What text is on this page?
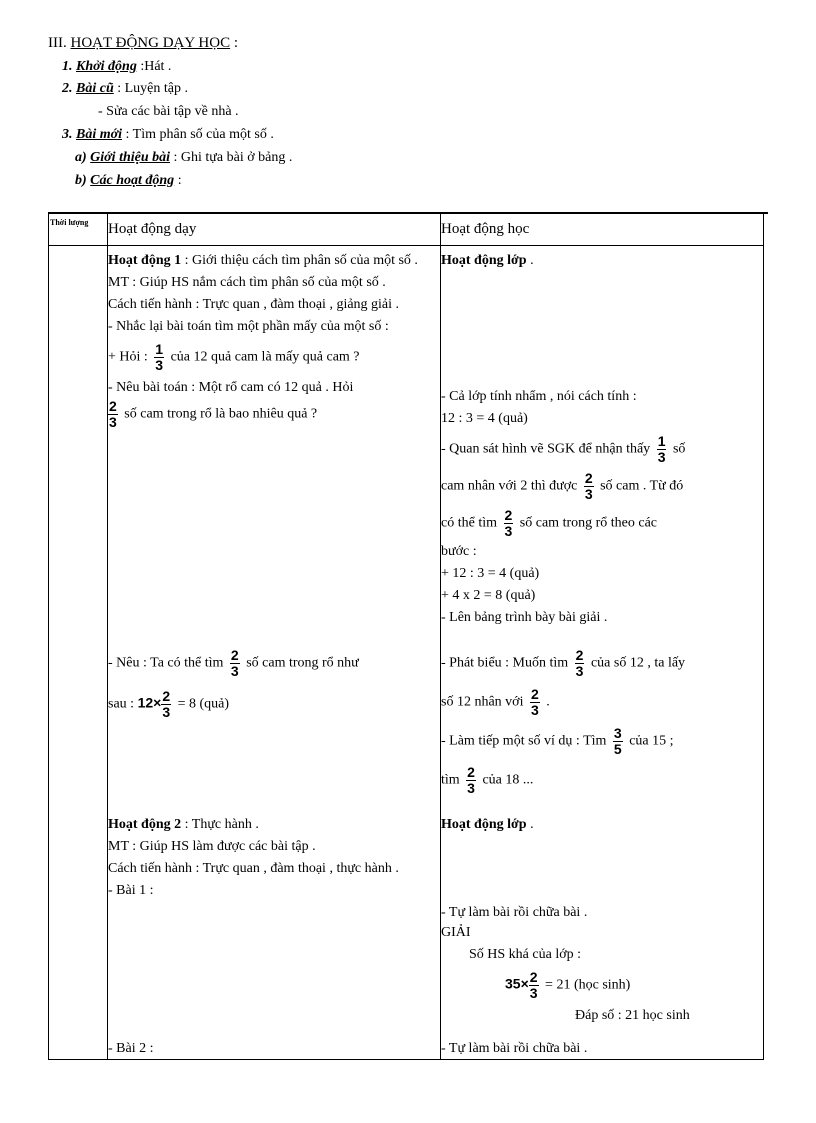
III. HOẠT ĐỘNG DẠY HỌC :
1. Khởi động :Hát .
2. Bài cũ : Luyện tập .
- Sửa các bài tập về nhà .
3. Bài mới : Tìm phân số của một số .
a) Giới thiệu bài : Ghi tựa bài ở bảng .
b) Các hoạt động :
Thời lượng	Hoạt động dạy	Hoạt động học
Hoạt động 1 : Giới thiệu cách tìm phân số của một số .
MT : Giúp HS nắm cách tìm phân số của một số .
Cách tiến hành : Trực quan , đàm thoại , giảng giải .
- Nhắc lại bài toán tìm một phần mấy của một số :
+ Hỏi : $\frac{1}{3}$ của 12 quả cam là mấy quả cam ?
- Nêu bài toán : Một rổ cam có 12 quả . Hỏi
$\frac{2}{3}$ số cam trong rổ là bao nhiêu quả ?
- Nêu : Ta có thể tìm $\frac{2}{3}$ số cam trong rổ như
sau : $12\times \frac{2}{3} = 8$ (quả)
Hoạt động 2 : Thực hành .
MT : Giúp HS làm được các bài tập .
Cách tiến hành : Trực quan , đàm thoại , thực hành .
- Bài 1 :
- Bài 2 :
Hoạt động lớp .
- Cả lớp tính nhẩm , nói cách tính :
12 : 3 = 4 (quả)
- Quan sát hình vẽ SGK để nhận thấy $\frac{1}{3}$ số
cam nhân với 2 thì được $\frac{2}{3}$ số cam . Từ đó
có thể tìm $\frac{2}{3}$ số cam trong rổ theo các
bước :
+ 12 : 3 = 4 (quả)
+ 4 x 2 = 8 (quả)
- Lên bảng trình bày bài giải .
- Phát biểu : Muốn tìm $\frac{2}{3}$ của số 12 , ta lấy
số 12 nhân với $\frac{2}{3}$ .
- Làm tiếp một số ví dụ : Tìm $\frac{3}{5}$ của 15 ;
tìm $\frac{2}{3}$ của 18 ...
Hoạt động lớp .
- Tự làm bài rồi chữa bài .
GIẢI
Số HS khá của lớp :
$35\times \frac{2}{3} = 21$ (học sinh)
Đáp số : 21 học sinh
- Tự làm bài rồi chữa bài .
